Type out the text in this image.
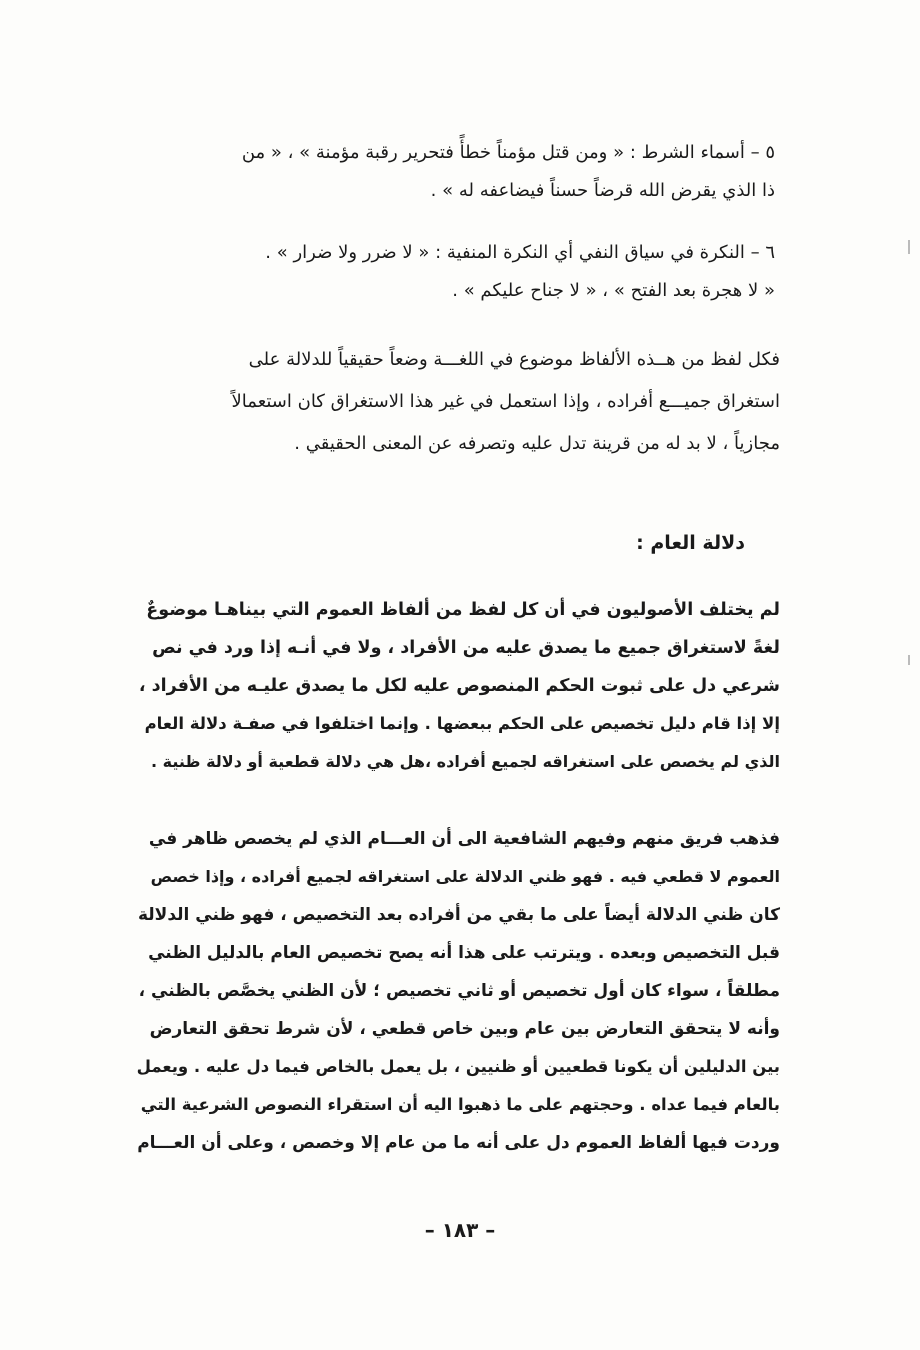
٥ – أسماء الشرط : « ومن قتل مؤمناً خطأً فتحرير رقبة مؤمنة » ، « من
ذا الذي يقرض الله قرضاً حسناً فيضاعفه له » .
٦ – النكرة في سياق النفي أي النكرة المنفية : « لا ضرر ولا ضرار » .
« لا هجرة بعد الفتح » ، « لا جناح عليكم » .
فكل لفظ من هــذه الألفاظ موضوع في اللغـــة وضعاً حقيقياً للدلالة على
استغراق جميـــع أفراده ، وإذا استعمل في غير هذا الاستغراق كان استعمالاً
مجازياً ، لا بد له من قرينة تدل عليه وتصرفه عن المعنى الحقيقي .
دلالة العام :
لم يختلف الأصوليون في أن كل لفظ من ألفاظ العموم التي بيناهـا موضوعٌ
لغةً لاستغراق جميع ما يصدق عليه من الأفراد ، ولا في أنـه إذا ورد في نص
شرعي دل على ثبوت الحكم المنصوص عليه لكل ما يصدق عليـه من الأفراد ،
إلا إذا قام دليل تخصيص على الحكم ببعضها . وإنما اختلفوا في صفـة دلالة العام
الذي لم يخصص على استغراقه لجميع أفراده ،هل هي دلالة قطعية أو دلالة ظنية .
فذهب فريق منهم وفيهم الشافعية الى أن العـــام الذي لم يخصص ظاهر في
العموم لا قطعي فيه . فهو ظني الدلالة على استغراقه لجميع أفراده ، وإذا خصص
كان ظني الدلالة أيضاً على ما بقي من أفراده بعد التخصيص ، فهو ظني الدلالة
قبل التخصيص وبعده . ويترتب على هذا أنه يصح تخصيص العام بالدليل الظني
مطلقاً ، سواء كان أول تخصيص أو ثاني تخصيص ؛ لأن الظني يخصَّص بالظني ،
وأنه لا يتحقق التعارض بين عام وبين خاص قطعي ، لأن شرط تحقق التعارض
بين الدليلين أن يكونا قطعيين أو ظنيين ، بل يعمل بالخاص فيما دل عليه . ويعمل
بالعام فيما عداه . وحجتهم على ما ذهبوا اليه أن استقراء النصوص الشرعية التي
وردت فيها ألفاظ العموم دل على أنه ما من عام إلا وخصص ، وعلى أن العـــام
– ١٨٣ –
